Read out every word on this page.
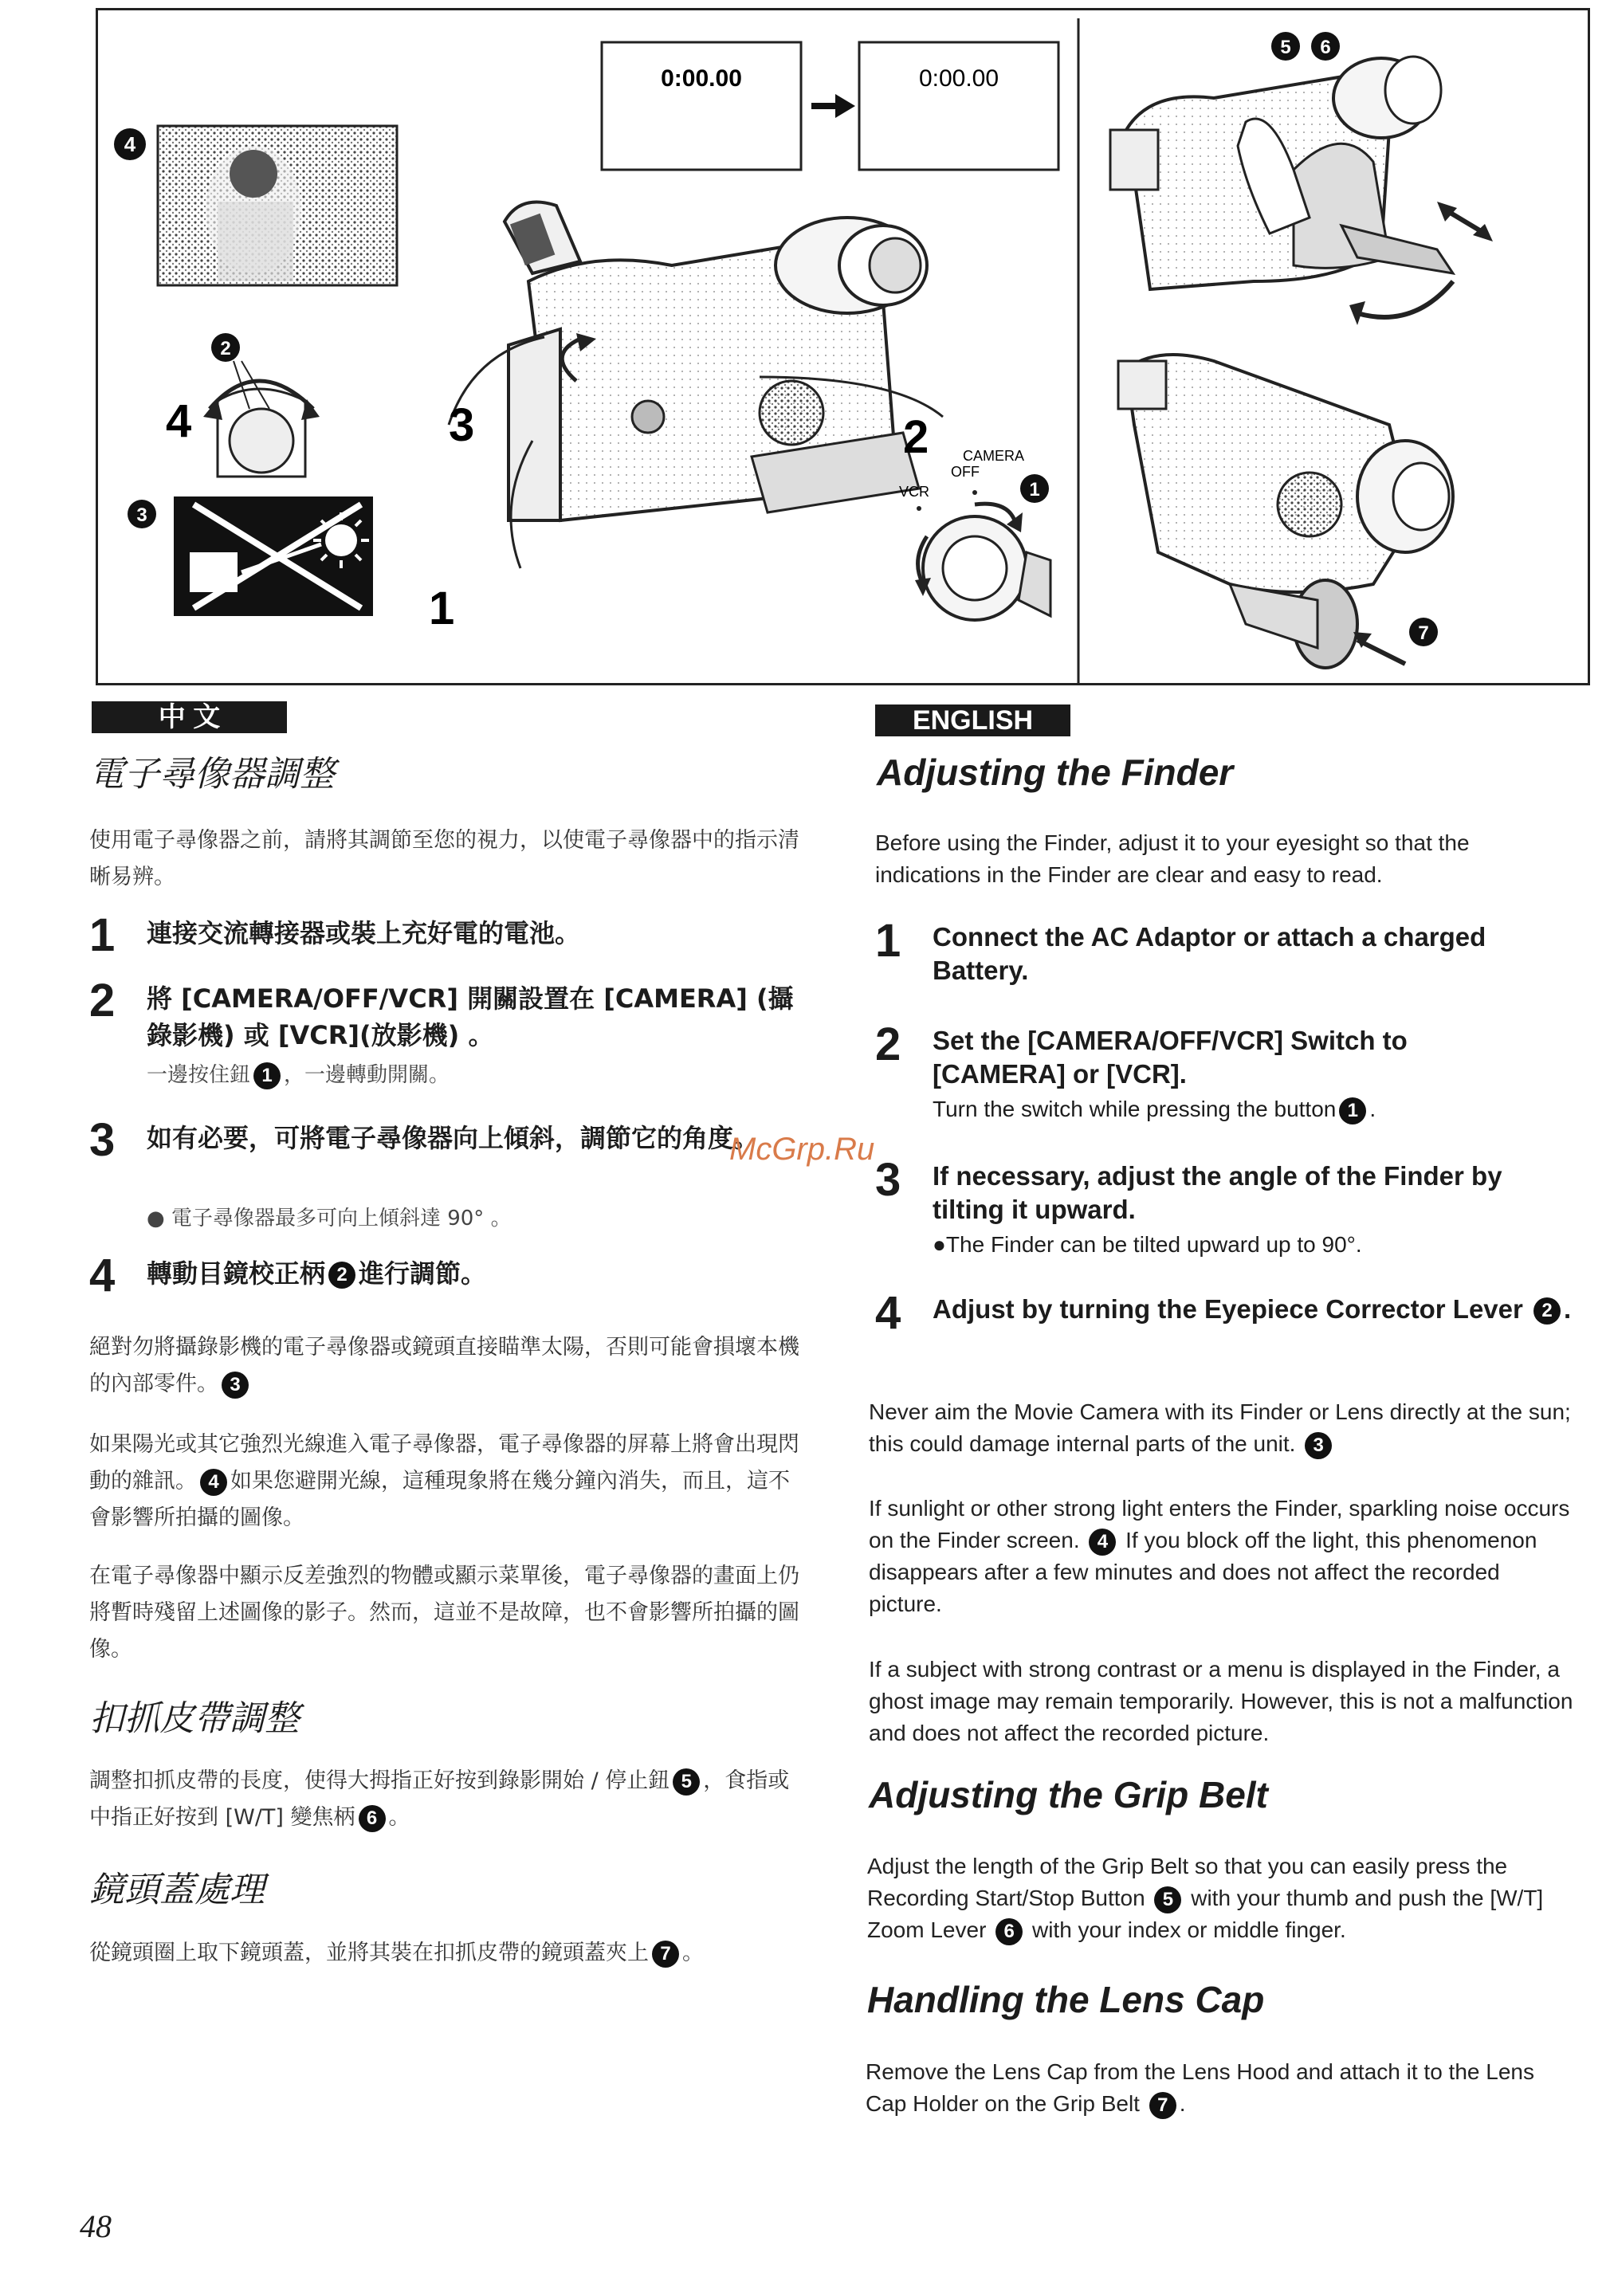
4
2
4
3
0:00.00	0:00.00
3
1
2 CAMERA
OFF
VCR	1
5 6
7
中 文
電子尋像器調整

使用電子尋像器之前，請將其調節至您的視力，以使電子尋像器中的指示清晰易辨。

1 連接交流轉接器或裝上充好電的電池。

2 將 [CAMERA/OFF/VCR] 開關設置在 [CAMERA] (攝錄影機) 或 [VCR](放影機) 。

一邊按住鈕 1 ，一邊轉動開關。

3 如有必要，可將電子尋像器向上傾斜，調節它的角度。

● 電子尋像器最多可向上傾斜達 90° 。

4 轉動目鏡校正柄 2 進行調節。

絕對勿將攝錄影機的電子尋像器或鏡頭直接瞄準太陽，否則可能會損壞本機的內部零件。 3

如果陽光或其它強烈光線進入電子尋像器，電子尋像器的屏幕上將會出現閃動的雜訊。 4 如果您避開光線，這種現象將在幾分鐘內消失，而且，這不會影響所拍攝的圖像。

在電子尋像器中顯示反差強烈的物體或顯示菜單後，電子尋像器的畫面上仍將暫時殘留上述圖像的影子。然而，這並不是故障，也不會影響所拍攝的圖像。

扣抓皮帶調整

調整扣抓皮帶的長度，使得大拇指正好按到錄影開始 / 停止鈕 5 ，食指或中指正好按到 [W/T] 變焦柄 6 。

鏡頭蓋處理

從鏡頭圈上取下鏡頭蓋，並將其裝在扣抓皮帶的鏡頭蓋夾上 7 。

ENGLISH
Adjusting the Finder

Before using the Finder, adjust it to your eyesight so that the indications in the Finder are clear and easy to read.

1 Connect the AC Adaptor or attach a charged Battery.

2 Set the [CAMERA/OFF/VCR] Switch to [CAMERA] or [VCR].

Turn the switch while pressing the button 1 .

3 If necessary, adjust the angle of the Finder by tilting it upward.

●The Finder can be tilted upward up to 90°.

4 Adjust by turning the Eyepiece Corrector Lever 2 .

Never aim the Movie Camera with its Finder or Lens directly at the sun; this could damage internal parts of the unit. 3

If sunlight or other strong light enters the Finder, sparkling noise occurs on the Finder screen. 4 If you block off the light, this phenomenon disappears after a few minutes and does not affect the recorded picture.

If a subject with strong contrast or a menu is displayed in the Finder, a ghost image may remain temporarily. However, this is not a malfunction and does not affect the recorded picture.

Adjusting the Grip Belt

Adjust the length of the Grip Belt so that you can easily press the Recording Start/Stop Button 5 with your thumb and push the [W/T] Zoom Lever 6 with your index or middle finger.

Handling the Lens Cap

Remove the Lens Cap from the Lens Hood and attach it to the Lens Cap Holder on the Grip Belt 7 .

McGrp.Ru
48
